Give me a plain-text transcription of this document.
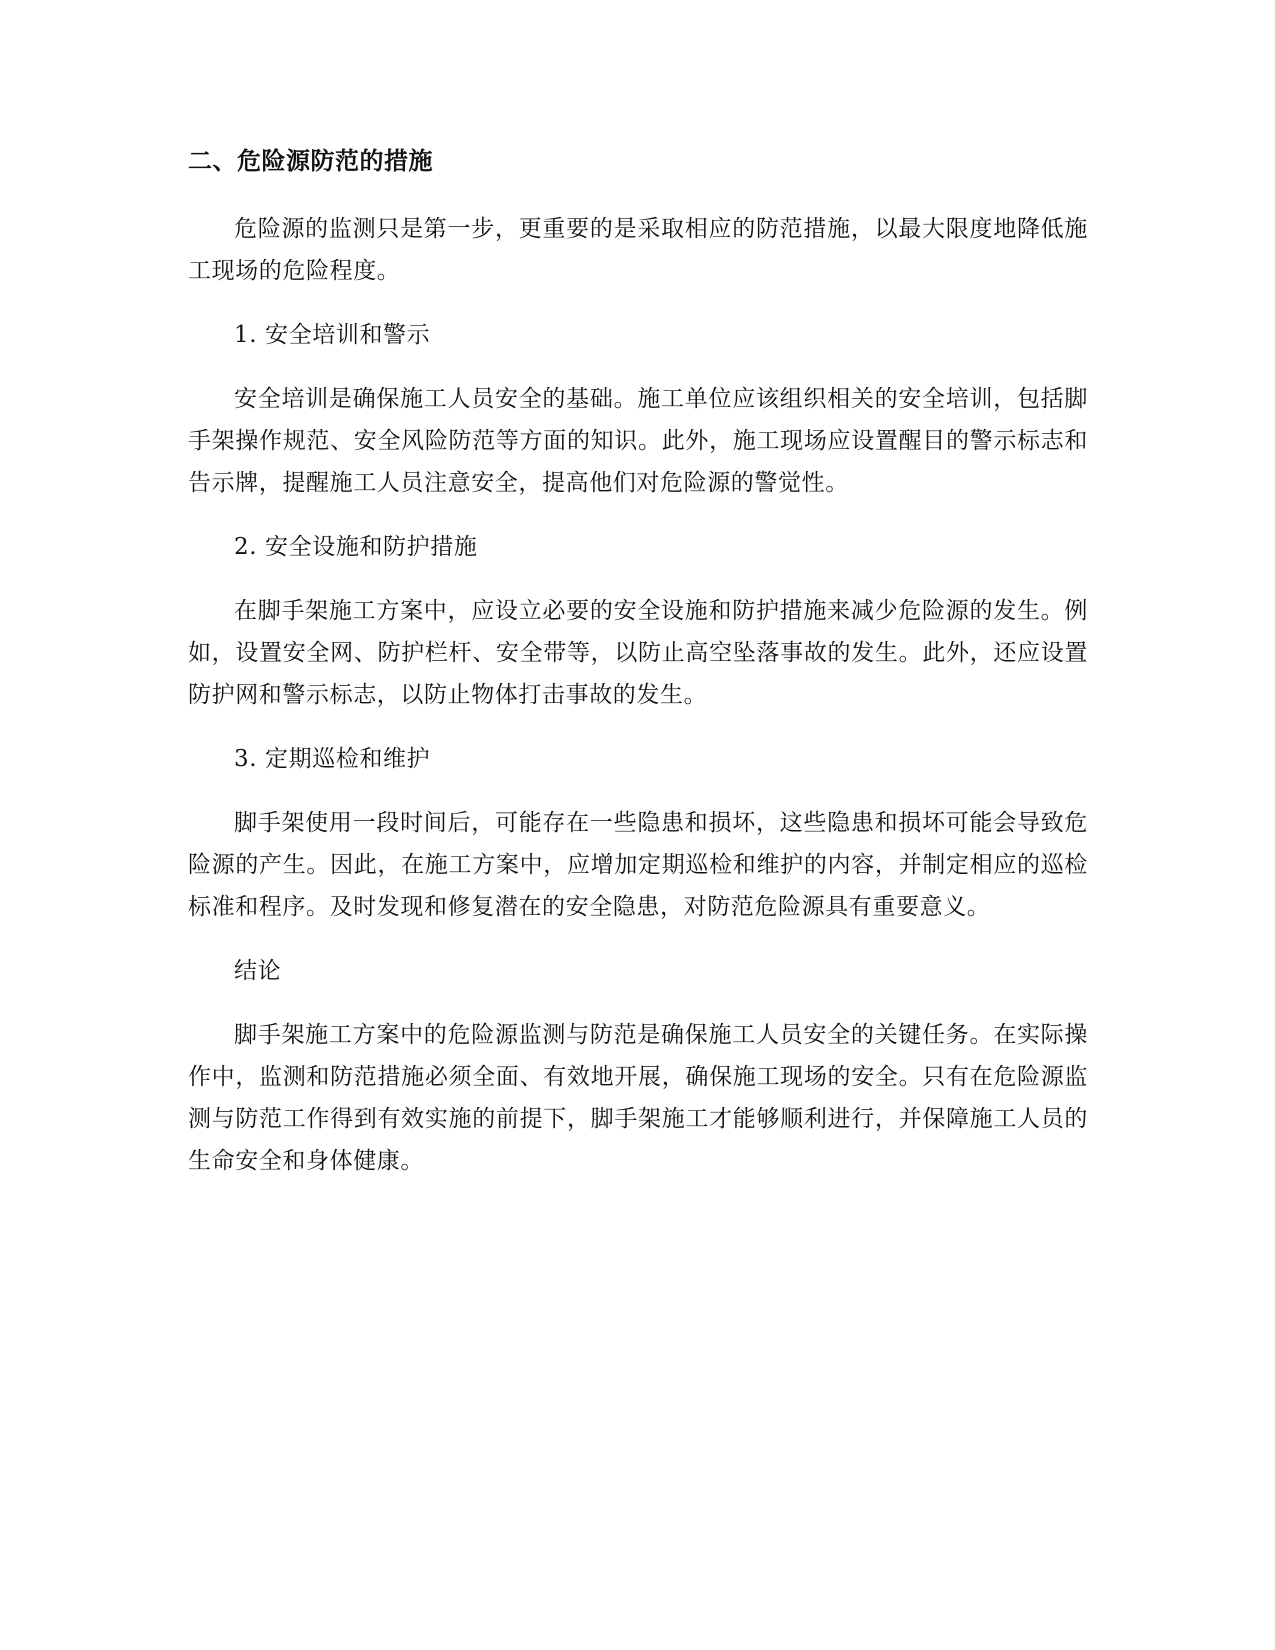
二、危险源防范的措施

危险源的监测只是第一步，更重要的是采取相应的防范措施，以最大限度地降低施工现场的危险程度。

1. 安全培训和警示

安全培训是确保施工人员安全的基础。施工单位应该组织相关的安全培训，包括脚手架操作规范、安全风险防范等方面的知识。此外，施工现场应设置醒目的警示标志和告示牌，提醒施工人员注意安全，提高他们对危险源的警觉性。

2. 安全设施和防护措施

在脚手架施工方案中，应设立必要的安全设施和防护措施来减少危险源的发生。例如，设置安全网、防护栏杆、安全带等，以防止高空坠落事故的发生。此外，还应设置防护网和警示标志，以防止物体打击事故的发生。

3. 定期巡检和维护

脚手架使用一段时间后，可能存在一些隐患和损坏，这些隐患和损坏可能会导致危险源的产生。因此，在施工方案中，应增加定期巡检和维护的内容，并制定相应的巡检标准和程序。及时发现和修复潜在的安全隐患，对防范危险源具有重要意义。

结论

脚手架施工方案中的危险源监测与防范是确保施工人员安全的关键任务。在实际操作中，监测和防范措施必须全面、有效地开展，确保施工现场的安全。只有在危险源监测与防范工作得到有效实施的前提下，脚手架施工才能够顺利进行，并保障施工人员的生命安全和身体健康。
